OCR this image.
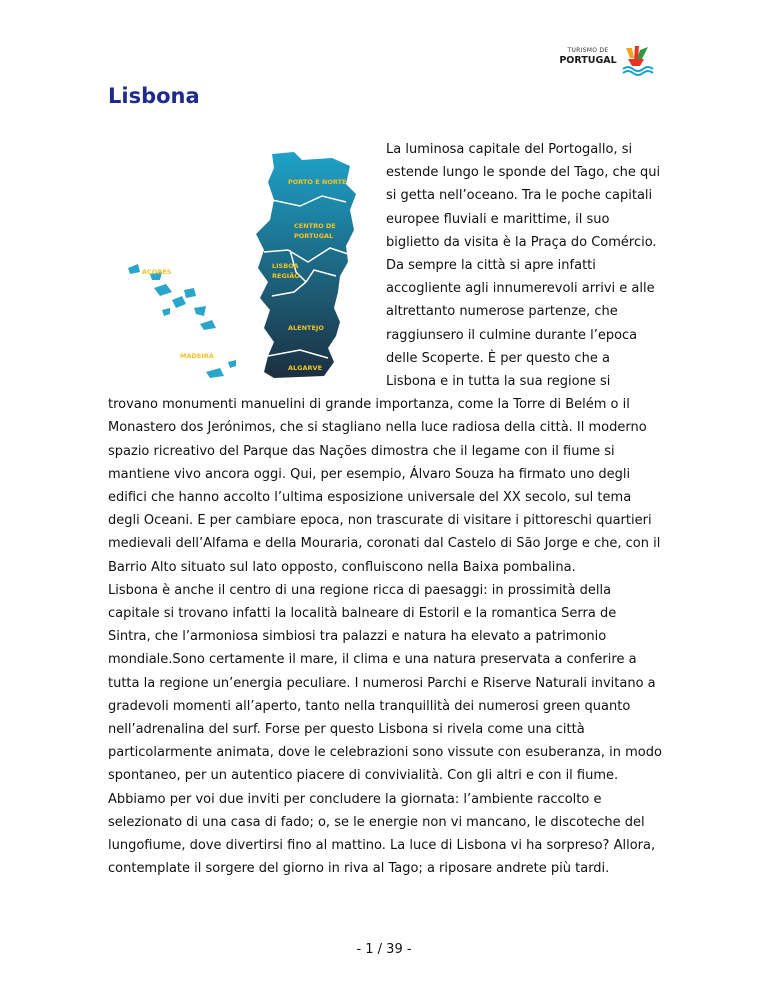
TURISMO DE
PORTUGAL
Lisbona
PORTO E NORTE
CENTRO DE
PORTUGAL
LISBOA
REGIÃO
ALENTEJO
ALGARVE
AÇORES
MADEIRA

La luminosa capitale del Portogallo, si estende lungo le sponde del Tago, che qui si getta nell’oceano. Tra le poche capitali europee fluviali e marittime, il suo biglietto da visita è la Praça do Comércio. Da sempre la città si apre infatti accogliente agli innumerevoli arrivi e alle altrettanto numerose partenze, che raggiunsero il culmine durante l’epoca delle Scoperte. È per questo che a Lisbona e in tutta la sua regione si trovano monumenti manuelini di grande importanza, come la Torre di Belém o il Monastero dos Jerónimos, che si stagliano nella luce radiosa della città. Il moderno spazio ricreativo del Parque das Nações dimostra che il legame con il fiume si mantiene vivo ancora oggi. Qui, per esempio, Álvaro Souza ha firmato uno degli edifici che hanno accolto l’ultima esposizione universale del XX secolo, sul tema degli Oceani. E per cambiare epoca, non trascurate di visitare i pittoreschi quartieri medievali dell’Alfama e della Mouraria, coronati dal Castelo di São Jorge e che, con il Barrio Alto situato sul lato opposto, confluiscono nella Baixa pombalina.

Lisbona è anche il centro di una regione ricca di paesaggi: in prossimità della capitale si trovano infatti la località balneare di Estoril e la romantica Serra de Sintra, che l’armoniosa simbiosi tra palazzi e natura ha elevato a patrimonio mondiale.Sono certamente il mare, il clima e una natura preservata a conferire a tutta la regione un’energia peculiare. I numerosi Parchi e Riserve Naturali invitano a gradevoli momenti all’aperto, tanto nella tranquillità dei numerosi green quanto nell’adrenalina del surf. Forse per questo Lisbona si rivela come una città particolarmente animata, dove le celebrazioni sono vissute con esuberanza, in modo spontaneo, per un autentico piacere di convivialità. Con gli altri e con il fiume.

Abbiamo per voi due inviti per concludere la giornata: l’ambiente raccolto e selezionato di una casa di fado; o, se le energie non vi mancano, le discoteche del lungofiume, dove divertirsi fino al mattino. La luce di Lisbona vi ha sorpreso? Allora, contemplate il sorgere del giorno in riva al Tago; a riposare andrete più tardi.

- 1 / 39 -
